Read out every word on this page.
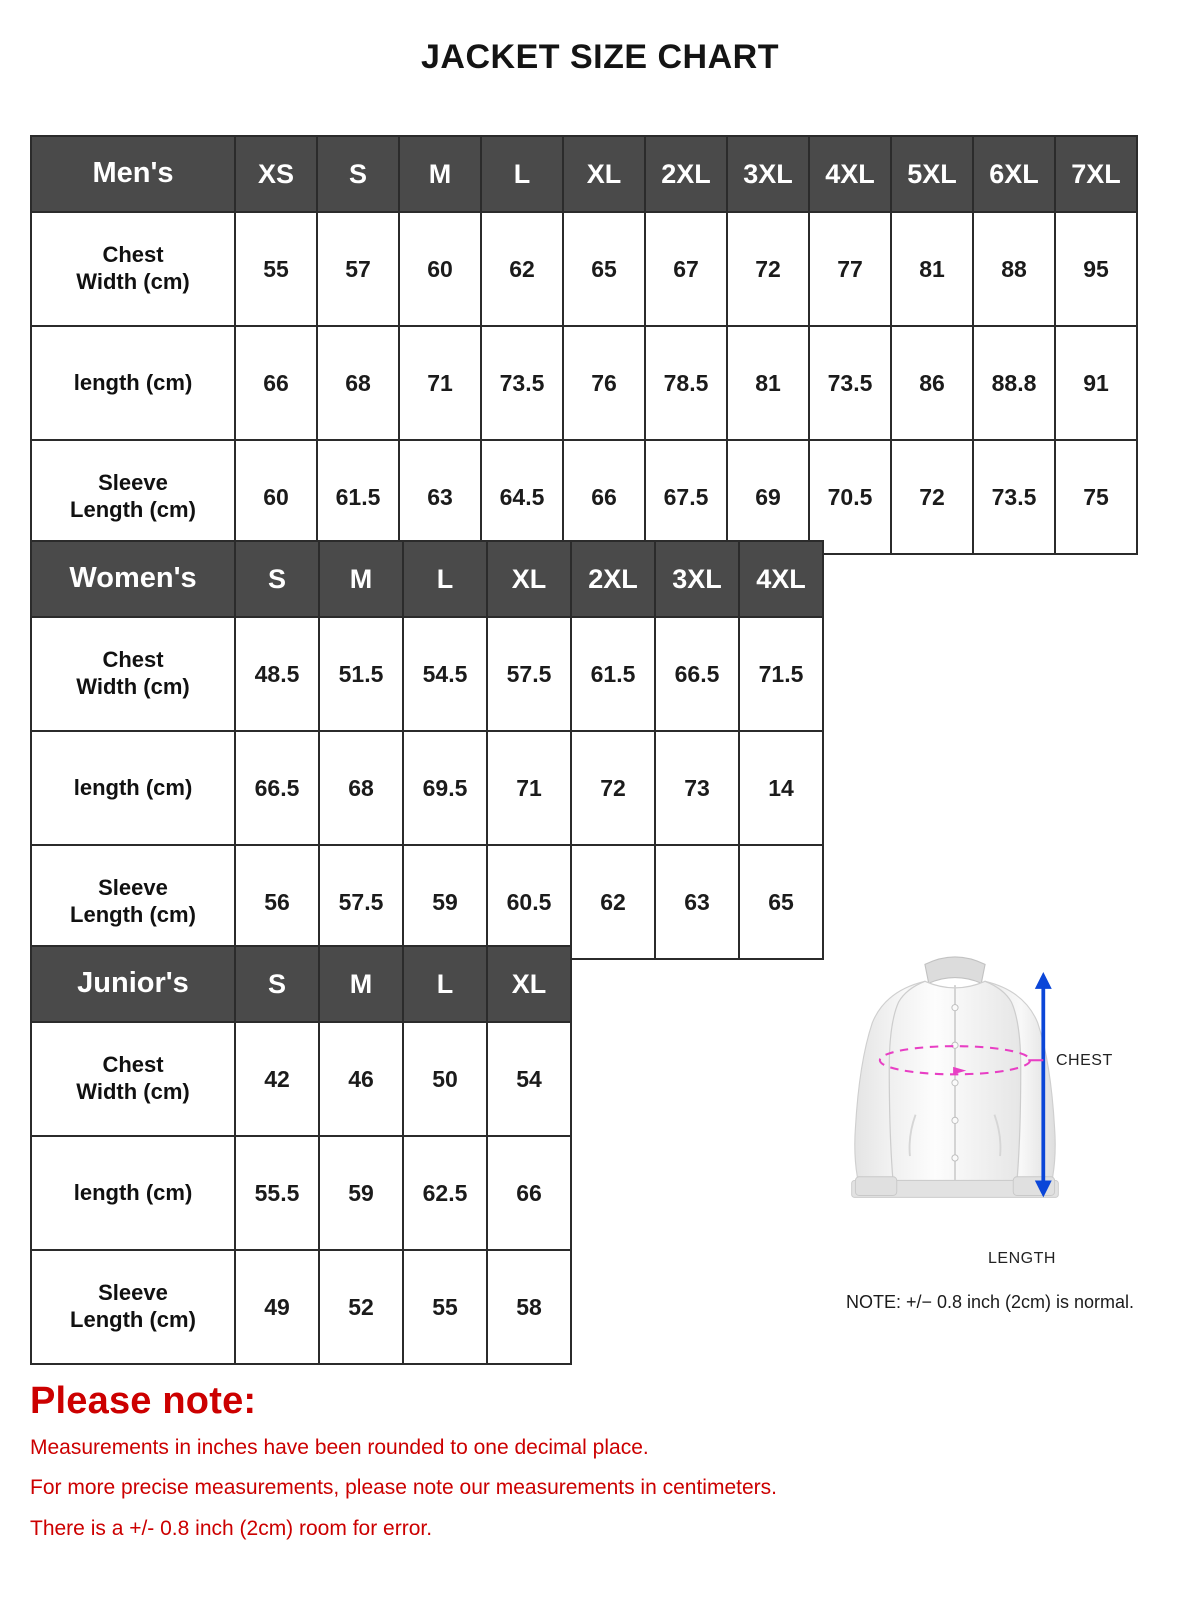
JACKET SIZE CHART
Men's	XS	S	M	L	XL	2XL	3XL	4XL	5XL	6XL	7XL

Chest
Width (cm)	55	57	60	62	65	67	72	77	81	88	95

length (cm)	66	68	71	73.5	76	78.5	81	73.5	86	88.8	91

Sleeve
Length (cm)	60	61.5	63	64.5	66	67.5	69	70.5	72	73.5	75
Women's	S	M	L	XL	2XL	3XL	4XL

Chest
Width (cm)	48.5	51.5	54.5	57.5	61.5	66.5	71.5

length (cm)	66.5	68	69.5	71	72	73	14

Sleeve
Length (cm)	56	57.5	59	60.5	62	63	65
Junior's	S	M	L	XL

Chest
Width (cm)	42	46	50	54

length (cm)	55.5	59	62.5	66

Sleeve
Length (cm)	49	52	55	58
CHEST
LENGTH
NOTE: +/− 0.8 inch (2cm) is normal.
Please note:

Measurements in inches have been rounded to one decimal place.

For more precise measurements, please note our measurements in centimeters.

There is a +/- 0.8 inch (2cm) room for error.
